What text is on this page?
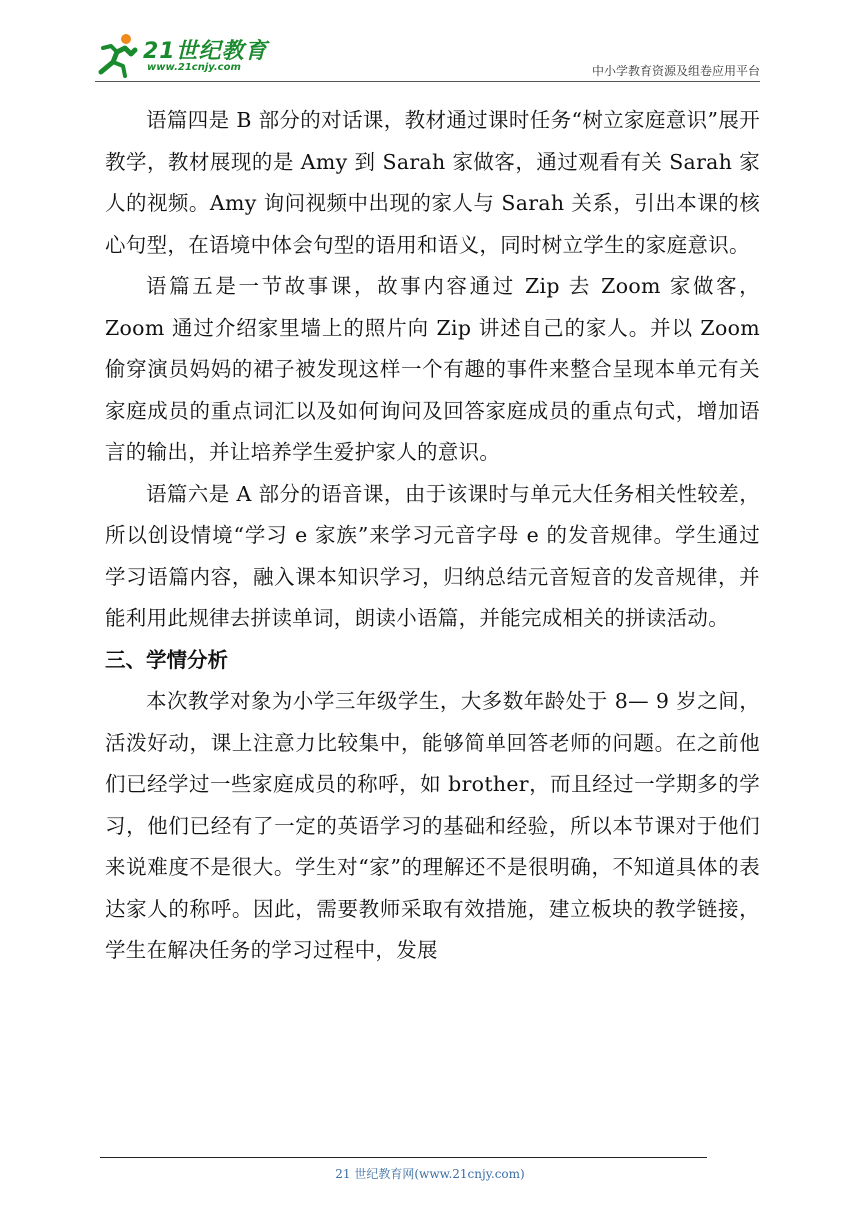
21世纪教育
www.21cnjy.com	中小学教育资源及组卷应用平台

语篇四是 B 部分的对话课，教材通过课时任务“树立家庭意识”展开教学，教材展现的是 Amy 到 Sarah 家做客，通过观看有关 Sarah 家人的视频。Amy 询问视频中出现的家人与 Sarah 关系，引出本课的核心句型，在语境中体会句型的语用和语义，同时树立学生的家庭意识。

语篇五是一节故事课，故事内容通过 Zip 去 Zoom 家做客，Zoom 通过介绍家里墙上的照片向 Zip 讲述自己的家人。并以 Zoom 偷穿演员妈妈的裙子被发现这样一个有趣的事件来整合呈现本单元有关家庭成员的重点词汇以及如何询问及回答家庭成员的重点句式，增加语言的输出，并让培养学生爱护家人的意识。

语篇六是 A 部分的语音课，由于该课时与单元大任务相关性较差，所以创设情境“学习 e 家族”来学习元音字母 e 的发音规律。学生通过学习语篇内容，融入课本知识学习，归纳总结元音短音的发音规律，并能利用此规律去拼读单词，朗读小语篇，并能完成相关的拼读活动。

三、学情分析

本次教学对象为小学三年级学生，大多数年龄处于 8— 9 岁之间，活泼好动，课上注意力比较集中，能够简单回答老师的问题。在之前他们已经学过一些家庭成员的称呼，如 brother，而且经过一学期多的学习，他们已经有了一定的英语学习的基础和经验，所以本节课对于他们来说难度不是很大。学生对“家”的理解还不是很明确，不知道具体的表达家人的称呼。因此，需要教师采取有效措施，建立板块的教学链接，学生在解决任务的学习过程中，发展

21 世纪教育网(www.21cnjy.com)
